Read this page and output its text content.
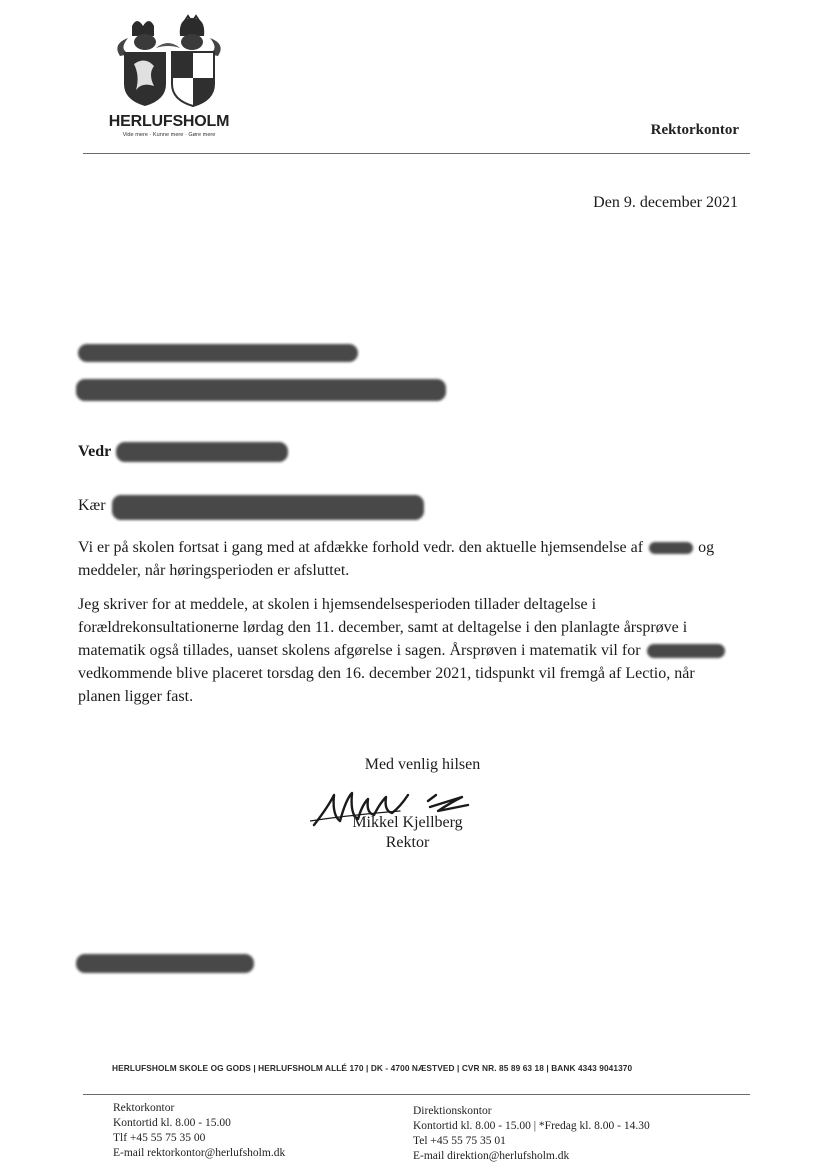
HERLUFSHOLM
Vide mere · Kunne mere · Gøre mere	Rektorkontor
Den 9. december 2021
Vedr
Kær
Vi er på skolen fortsat i gang med at afdække forhold vedr. den aktuelle hjemsendelse af	og
meddeler, når høringsperioden er afsluttet.
Jeg skriver for at meddele, at skolen i hjemsendelsesperioden tillader deltagelse i
forældrekonsultationerne lørdag den 11. december, samt at deltagelse i den planlagte årsprøve i
matematik også tillades, uanset skolens afgørelse i sagen. Årsprøven i matematik vil for
vedkommende blive placeret torsdag den 16. december 2021, tidspunkt vil fremgå af Lectio, når
planen ligger fast.
Med venlig hilsen
Mikkel Kjellberg
Rektor
HERLUFSHOLM SKOLE OG GODS | HERLUFSHOLM ALLÉ 170 | DK - 4700 NÆSTVED | CVR NR. 85 89 63 18 | BANK 4343 9041370
Rektorkontor
Kontortid kl. 8.00 - 15.00
Tlf +45 55 75 35 00
E-mail rektorkontor@herlufsholm.dk
Direktionskontor
Kontortid kl. 8.00 - 15.00 | *Fredag kl. 8.00 - 14.30
Tel +45 55 75 35 01
E-mail direktion@herlufsholm.dk
